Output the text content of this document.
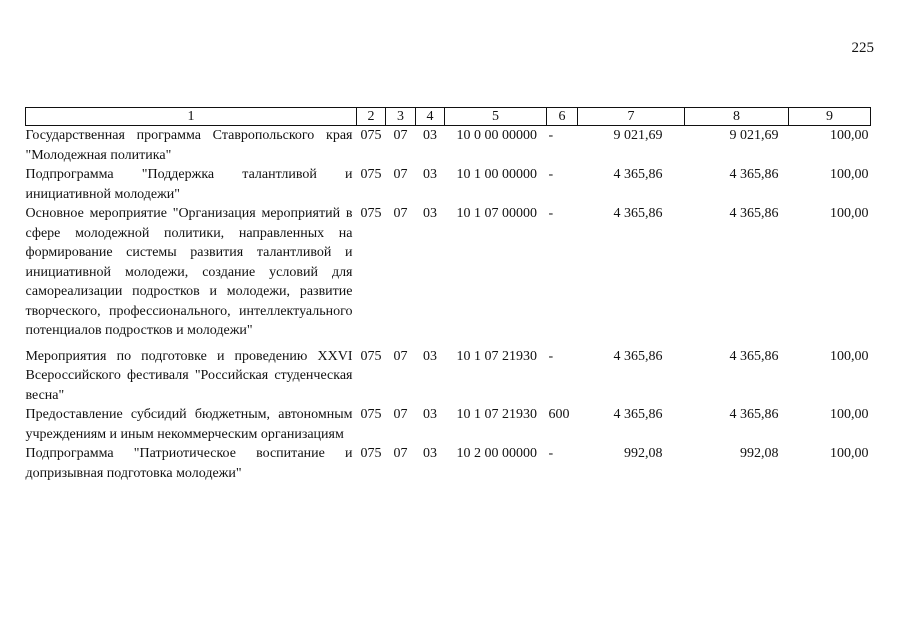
225
1	2	3	4	5	6	7	8	9
Государственная программа Ставропольского края "Молодежная политика"	075	07	03	10 0 00 00000	-	9 021,69	9 021,69	100,00
Подпрограмма "Поддержка талантливой и инициативной молодежи"	075	07	03	10 1 00 00000	-	4 365,86	4 365,86	100,00
Основное мероприятие "Организация мероприятий в сфере молодежной политики, направленных на формирование системы развития талантливой и инициативной молодежи, создание условий для самореализации подростков и молодежи, развитие творческого, профессионального, интеллектуального потенциалов подростков и молодежи"	075	07	03	10 1 07 00000	-	4 365,86	4 365,86	100,00

Мероприятия по подготовке и проведению XXVI Всероссийского фестиваля "Российская студенческая весна"	075	07	03	10 1 07 21930	-	4 365,86	4 365,86	100,00
Предоставление субсидий бюджетным, автономным учреждениям и иным некоммерческим организациям	075	07	03	10 1 07 21930	600	4 365,86	4 365,86	100,00
Подпрограмма "Патриотическое воспитание и допризывная подготовка молодежи"	075	07	03	10 2 00 00000	-	992,08	992,08	100,00
